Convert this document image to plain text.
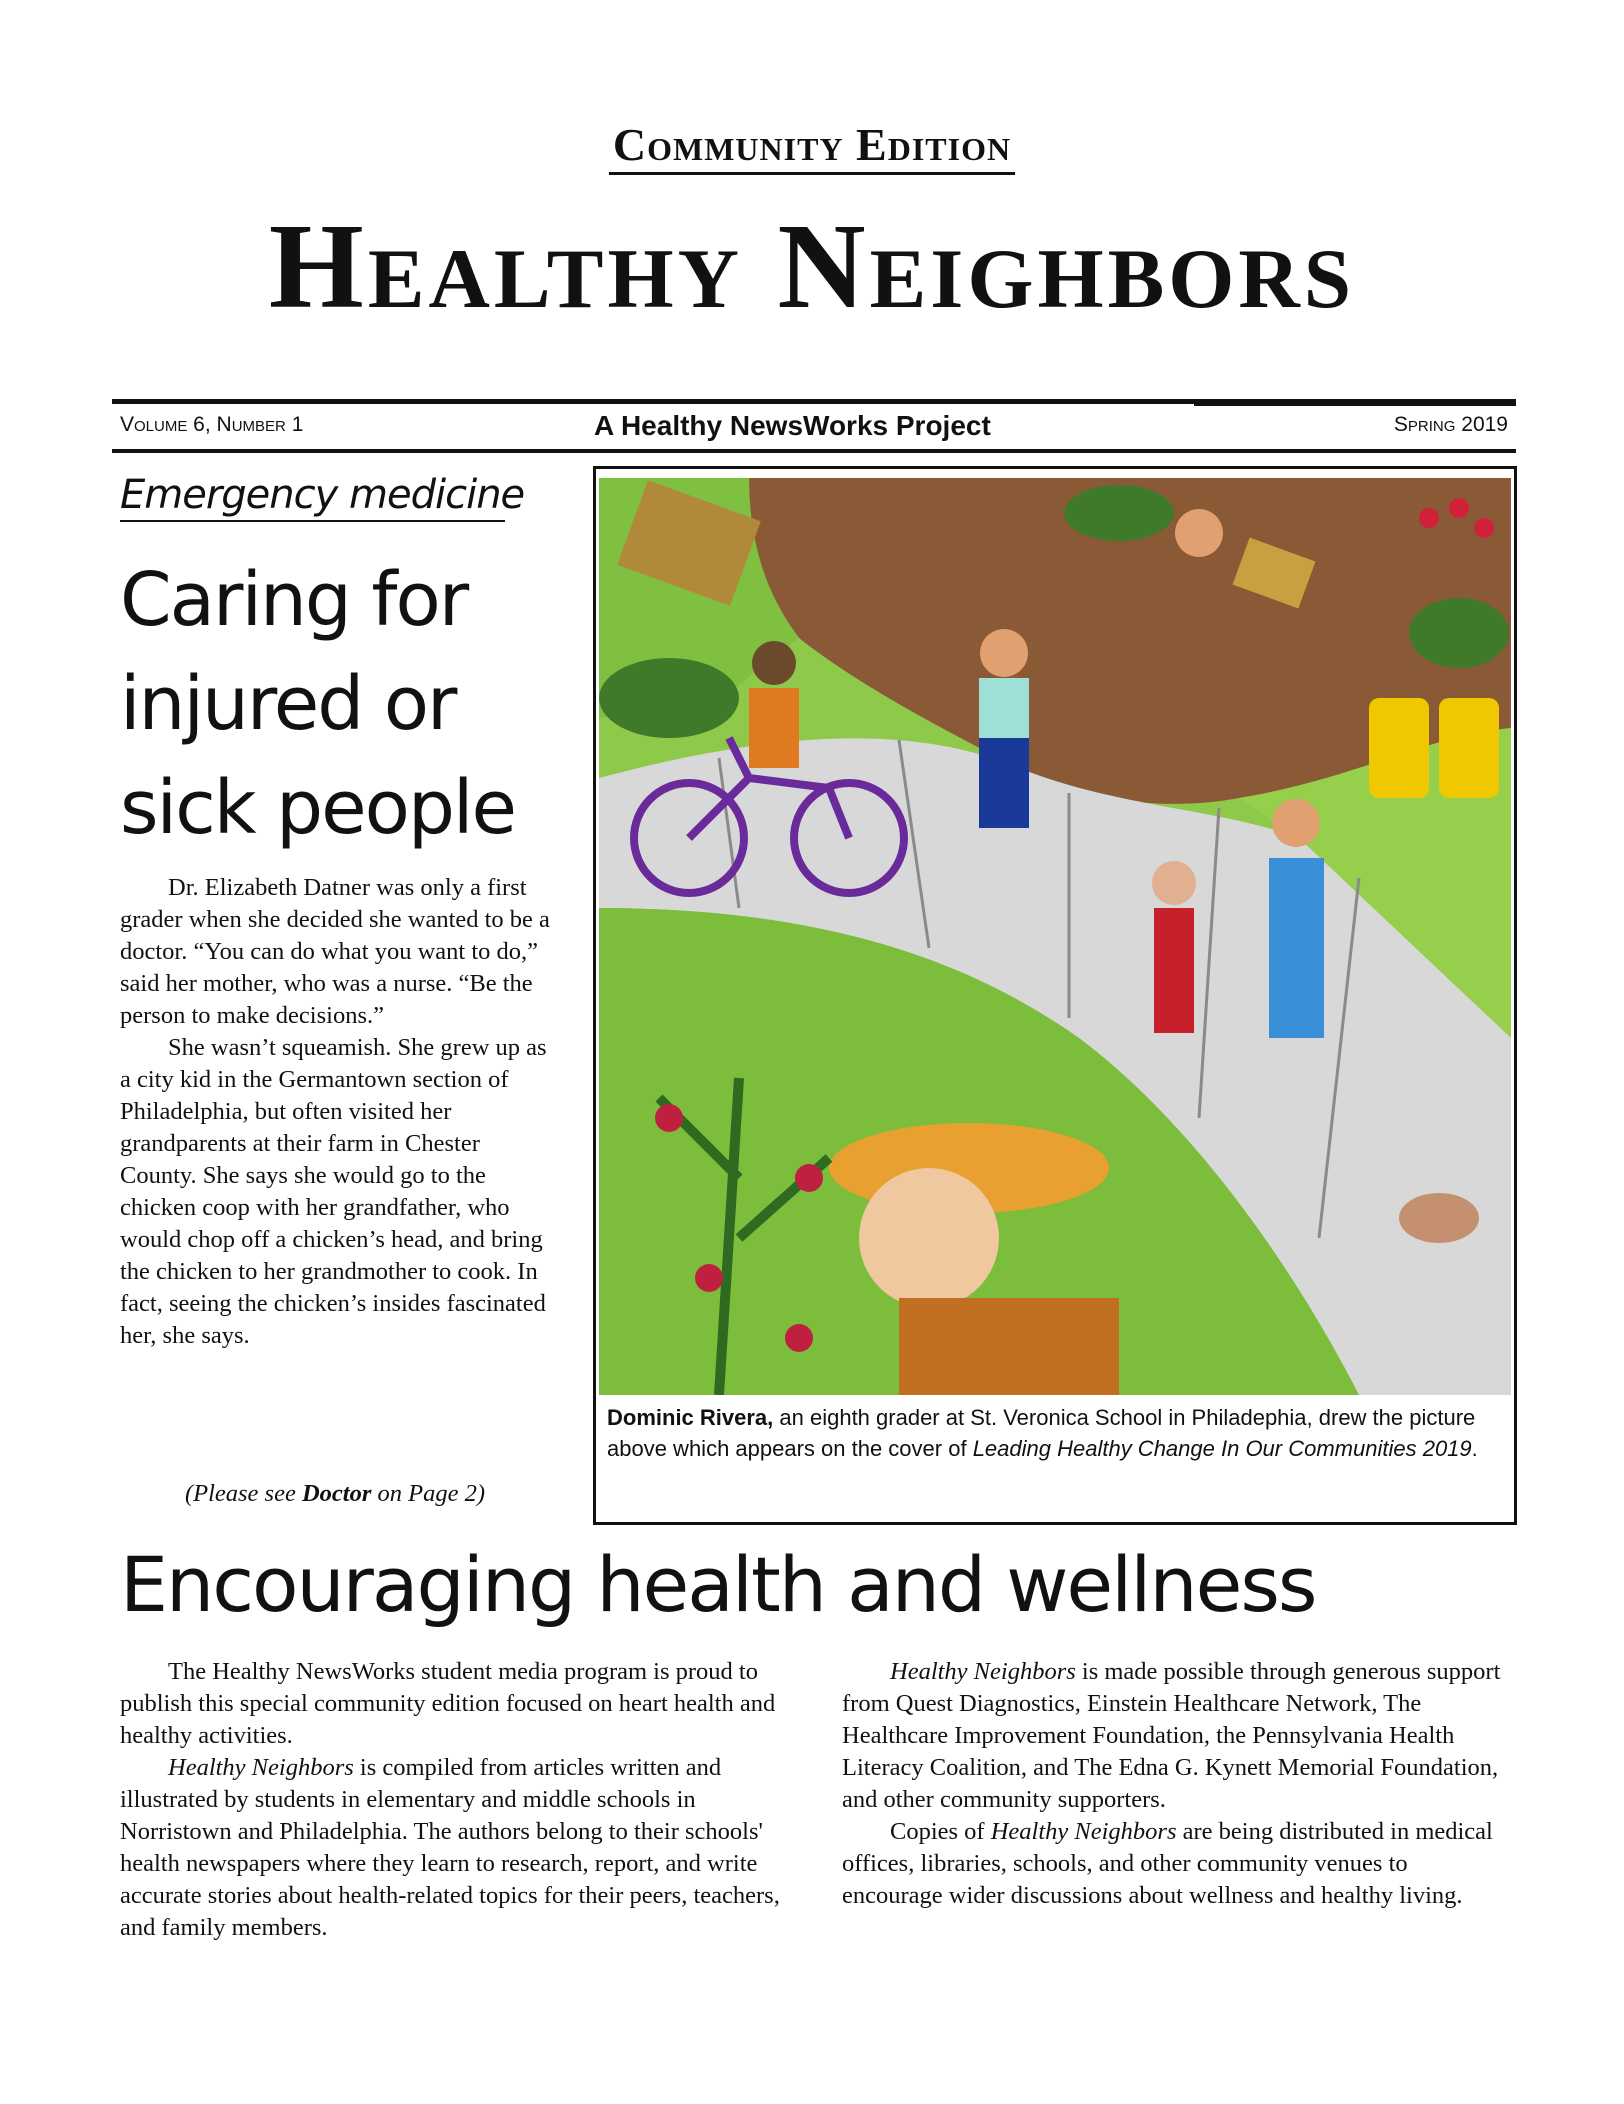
Community Edition
Healthy Neighbors
Volume 6, Number 1	A Healthy NewsWorks Project	Spring 2019
Emergency medicine
Caring for injured or sick people

Dr. Elizabeth Datner was only a first grader when she decided she wanted to be a doctor. “You can do what you want to do,” said her mother, who was a nurse. “Be the person to make decisions.”

She wasn’t squeamish. She grew up as a city kid in the Germantown section of Philadelphia, but often visited her grandparents at their farm in Chester County. She says she would go to the chicken coop with her grandfather, who would chop off a chicken’s head, and bring the chicken to her grandmother to cook. In fact, seeing the chicken’s insides fascinated her, she says.

(Please see Doctor on Page 2)
Dominic Rivera, an eighth grader at St. Veronica School in Philadephia, drew the picture above which appears on the cover of Leading Healthy Change In Our Communities 2019.
Encouraging health and wellness

The Healthy NewsWorks student media program is proud to publish this special community edition focused on heart health and healthy activities.

Healthy Neighbors is compiled from articles written and illustrated by students in elementary and middle schools in Norristown and Philadelphia. The authors belong to their schools' health newspapers where they learn to research, report, and write accurate stories about health-related topics for their peers, teachers, and family members.

Healthy Neighbors is made possible through generous support from Quest Diagnostics, Einstein Healthcare Network, The Healthcare Improvement Foundation, the Pennsylvania Health Literacy Coalition, and The Edna G. Kynett Memorial Foundation, and other community supporters.

Copies of Healthy Neighbors are being distributed in medical offices, libraries, schools, and other community venues to encourage wider discussions about wellness and healthy living.
